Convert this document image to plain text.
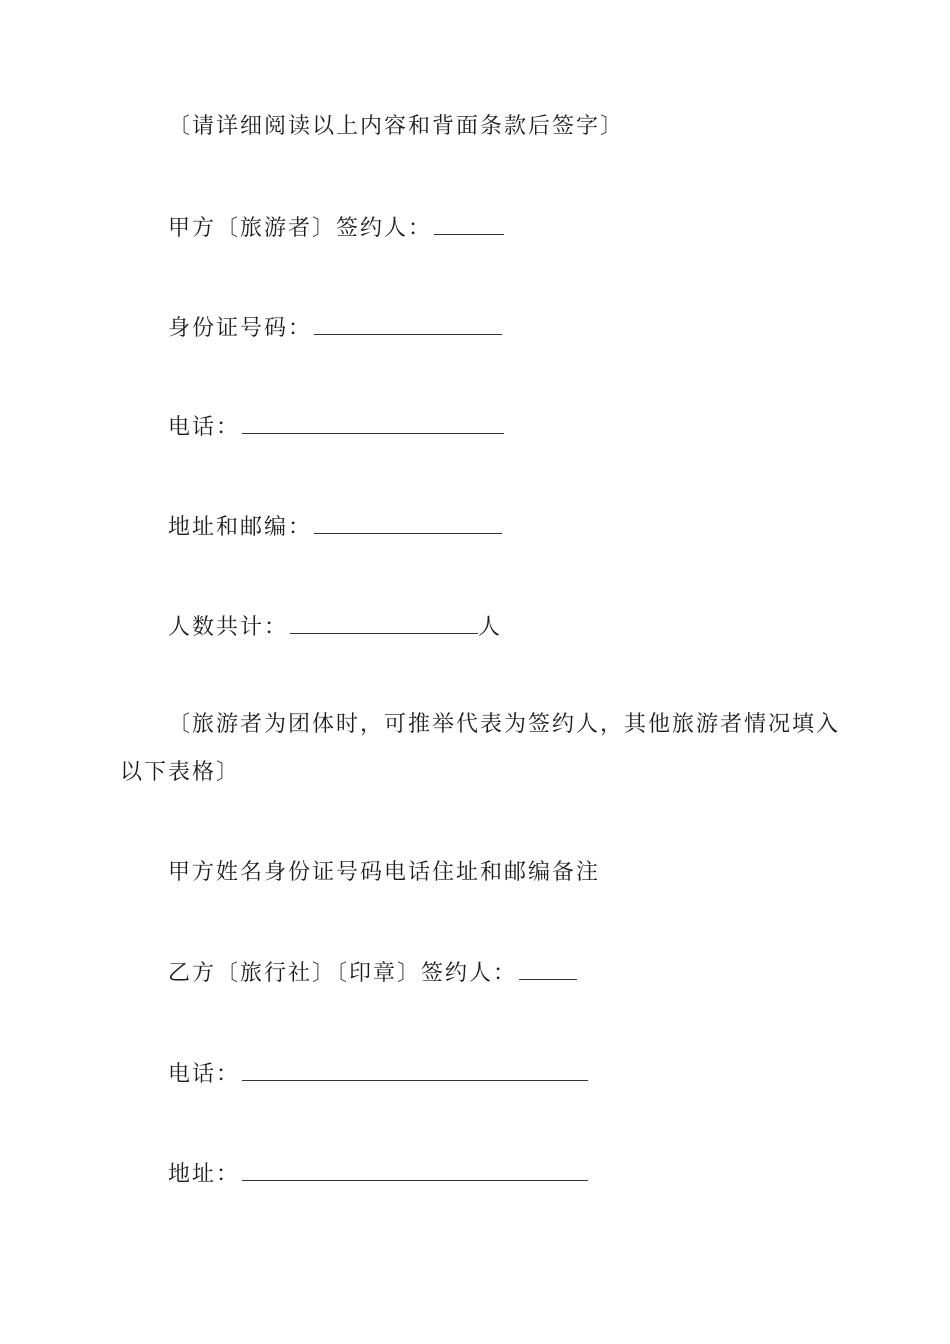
〔请详细阅读以上内容和背面条款后签字〕
甲方〔旅游者〕签约人：
身份证号码：
电话：
地址和邮编：
人数共计：	人
〔旅游者为团体时，可推举代表为签约人，其他旅游者情况填入以下表格〕
甲方姓名身份证号码电话住址和邮编备注
乙方〔旅行社〕〔印章〕签约人：
电话：
地址：
